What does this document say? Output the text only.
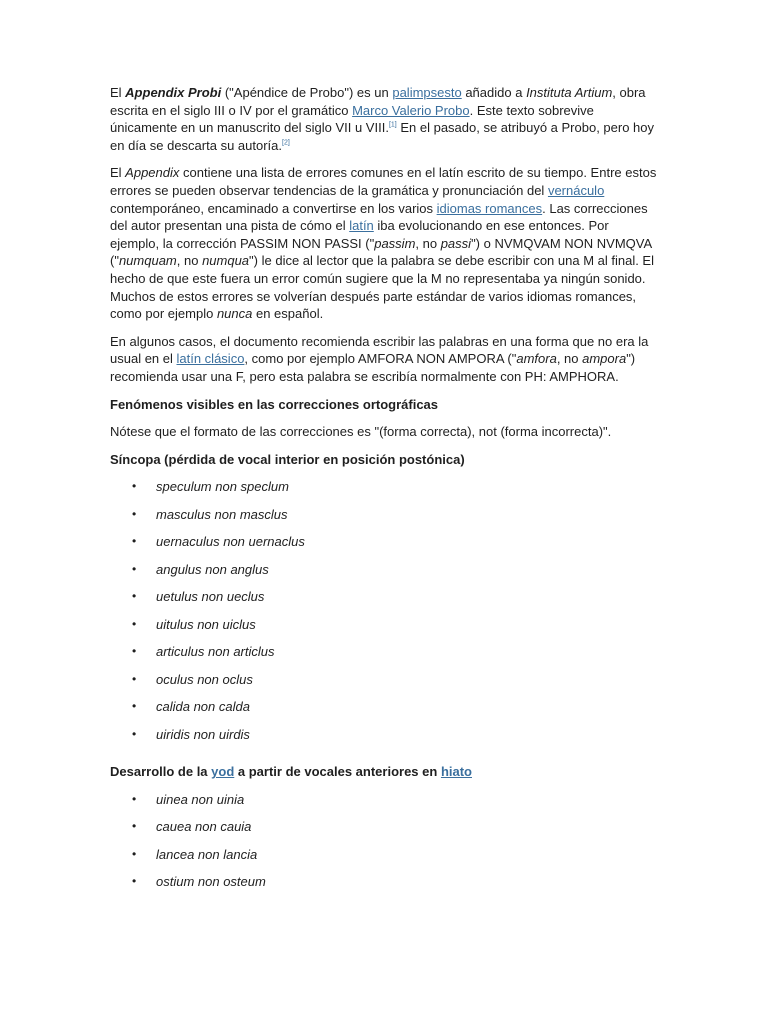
El Appendix Probi ("Apéndice de Probo") es un palimpsesto añadido a Instituta Artium, obra escrita en el siglo III o IV por el gramático Marco Valerio Probo. Este texto sobrevive únicamente en un manuscrito del siglo VII u VIII.[1] En el pasado, se atribuyó a Probo, pero hoy en día se descarta su autoría.[2]

El Appendix contiene una lista de errores comunes en el latín escrito de su tiempo. Entre estos errores se pueden observar tendencias de la gramática y pronunciación del vernáculo contemporáneo, encaminado a convertirse en los varios idiomas romances. Las correcciones del autor presentan una pista de cómo el latín iba evolucionando en ese entonces. Por ejemplo, la corrección PASSIM NON PASSI ("passim, no passi") o NVMQVAM NON NVMQVA ("numquam, no numqua") le dice al lector que la palabra se debe escribir con una M al final. El hecho de que este fuera un error común sugiere que la M no representaba ya ningún sonido. Muchos de estos errores se volverían después parte estándar de varios idiomas romances, como por ejemplo nunca en español.

En algunos casos, el documento recomienda escribir las palabras en una forma que no era la usual en el latín clásico, como por ejemplo AMFORA NON AMPORA ("amfora, no ampora") recomienda usar una F, pero esta palabra se escribía normalmente con PH: AMPHORA.

Fenómenos visibles en las correcciones ortográficas

Nótese que el formato de las correcciones es "(forma correcta), not (forma incorrecta)".

Síncopa (pérdida de vocal interior en posición postónica)
• speculum non speclum
• masculus non masclus
• uernaculus non uernaclus
• angulus non anglus
• uetulus non ueclus
• uitulus non uiclus
• articulus non articlus
• oculus non oclus
• calida non calda
• uiridis non uirdis
Desarrollo de la yod a partir de vocales anteriores en hiato
• uinea non uinia
• cauea non cauia
• lancea non lancia
• ostium non osteum
